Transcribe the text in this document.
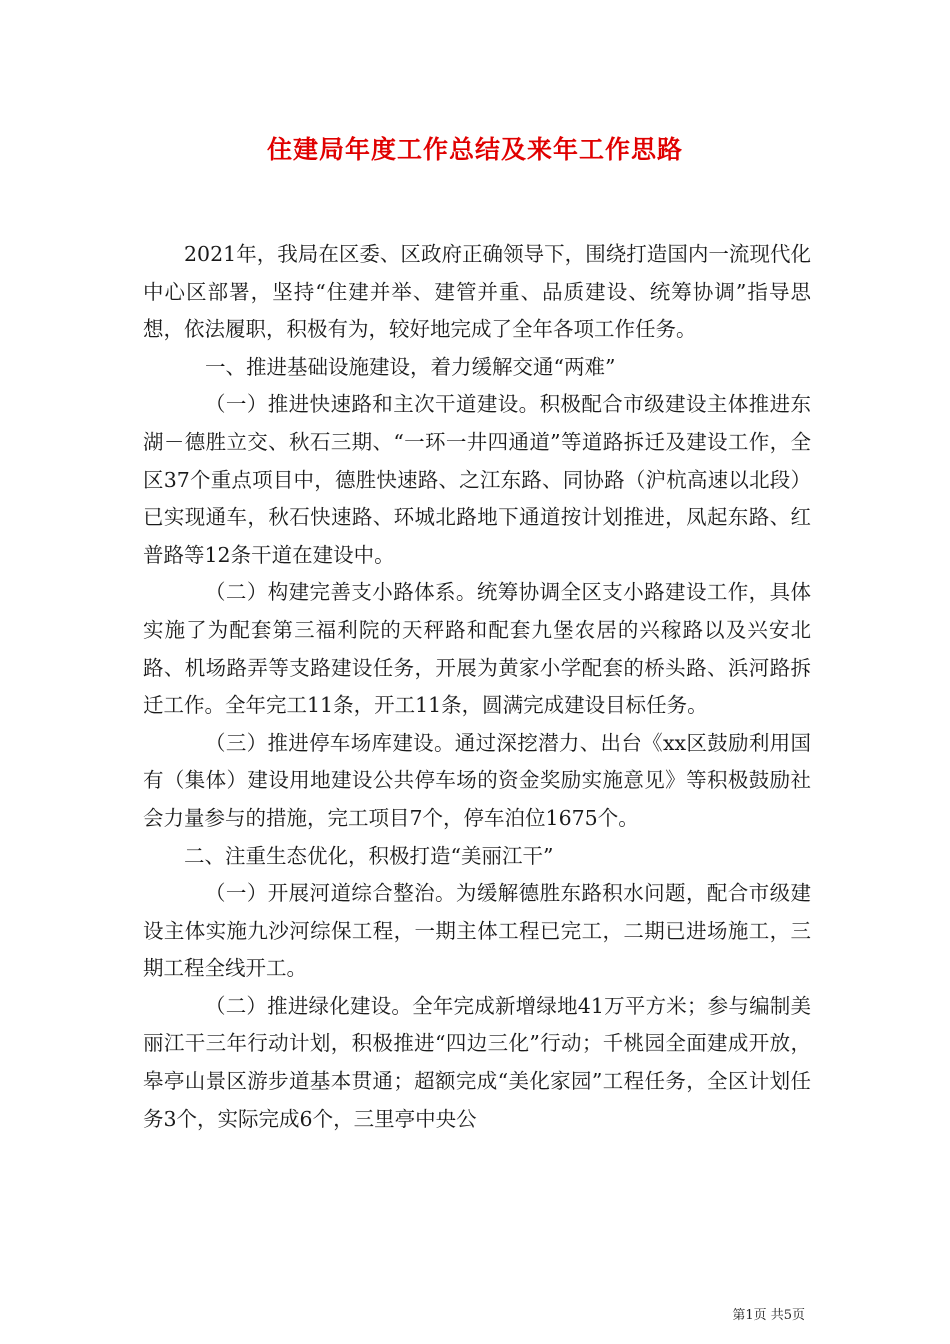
住建局年度工作总结及来年工作思路

2021年，我局在区委、区政府正确领导下，围绕打造国内一流现代化中心区部署，坚持“住建并举、建管并重、品质建设、统筹协调”指导思想，依法履职，积极有为，较好地完成了全年各项工作任务。

一、推进基础设施建设，着力缓解交通“两难”

（一）推进快速路和主次干道建设。积极配合市级建设主体推进东湖－德胜立交、秋石三期、“一环一井四通道”等道路拆迁及建设工作，全区37个重点项目中，德胜快速路、之江东路、同协路（沪杭高速以北段）已实现通车，秋石快速路、环城北路地下通道按计划推进，凤起东路、红普路等12条干道在建设中。

（二）构建完善支小路体系。统筹协调全区支小路建设工作，具体实施了为配套第三福利院的天秤路和配套九堡农居的兴稼路以及兴安北路、机场路弄等支路建设任务，开展为黄家小学配套的桥头路、浜河路拆迁工作。全年完工11条，开工11条，圆满完成建设目标任务。

（三）推进停车场库建设。通过深挖潜力、出台《xx区鼓励利用国有（集体）建设用地建设公共停车场的资金奖励实施意见》等积极鼓励社会力量参与的措施，完工项目7个，停车泊位1675个。

二、注重生态优化，积极打造“美丽江干”

（一）开展河道综合整治。为缓解德胜东路积水问题，配合市级建设主体实施九沙河综保工程，一期主体工程已完工，二期已进场施工，三期工程全线开工。

（二）推进绿化建设。全年完成新增绿地41万平方米；参与编制美丽江干三年行动计划，积极推进“四边三化”行动；千桃园全面建成开放，皋亭山景区游步道基本贯通；超额完成“美化家园”工程任务，全区计划任务3个，实际完成6个，三里亭中央公

第1页 共5页
